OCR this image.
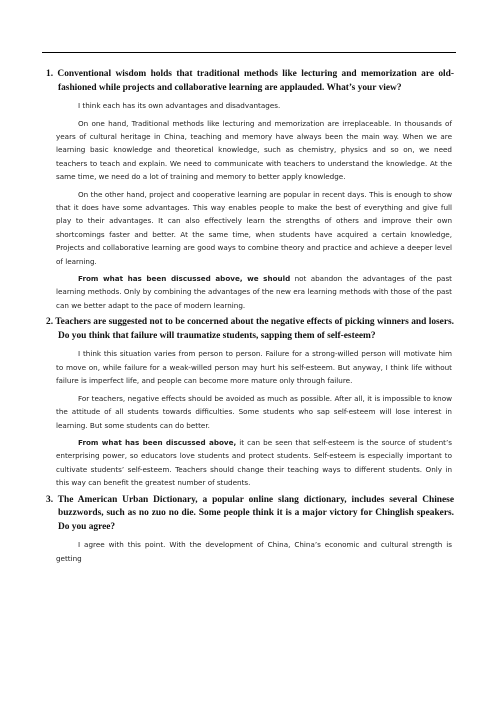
1. Conventional wisdom holds that traditional methods like lecturing and memorization are old-fashioned while projects and collaborative learning are applauded. What’s your view?
I think each has its own advantages and disadvantages.
On one hand, Traditional methods like lecturing and memorization are irreplaceable. In thousands of years of cultural heritage in China, teaching and memory have always been the main way. When we are learning basic knowledge and theoretical knowledge, such as chemistry, physics and so on, we need teachers to teach and explain. We need to communicate with teachers to understand the knowledge. At the same time, we need do a lot of training and memory to better apply knowledge.
On the other hand, project and cooperative learning are popular in recent days. This is enough to show that it does have some advantages. This way enables people to make the best of everything and give full play to their advantages. It can also effectively learn the strengths of others and improve their own shortcomings faster and better. At the same time, when students have acquired a certain knowledge, Projects and collaborative learning are good ways to combine theory and practice and achieve a deeper level of learning.
From what has been discussed above, we should not abandon the advantages of the past learning methods. Only by combining the advantages of the new era learning methods with those of the past can we better adapt to the pace of modern learning.
2. Teachers are suggested not to be concerned about the negative effects of picking winners and losers. Do you think that failure will traumatize students, sapping them of self-esteem?
I think this situation varies from person to person. Failure for a strong-willed person will motivate him to move on, while failure for a weak-willed person may hurt his self-esteem. But anyway, I think life without failure is imperfect life, and people can become more mature only through failure.
For teachers, negative effects should be avoided as much as possible. After all, it is impossible to know the attitude of all students towards difficulties. Some students who sap self-esteem will lose interest in learning. But some students can do better.
From what has been discussed above, it can be seen that self-esteem is the source of student’s enterprising power, so educators love students and protect students. Self-esteem is especially important to cultivate students’ self-esteem. Teachers should change their teaching ways to different students. Only in this way can benefit the greatest number of students.
3. The American Urban Dictionary, a popular online slang dictionary, includes several Chinese buzzwords, such as no zuo no die. Some people think it is a major victory for Chinglish speakers. Do you agree?
I agree with this point. With the development of China, China’s economic and cultural strength is getting
